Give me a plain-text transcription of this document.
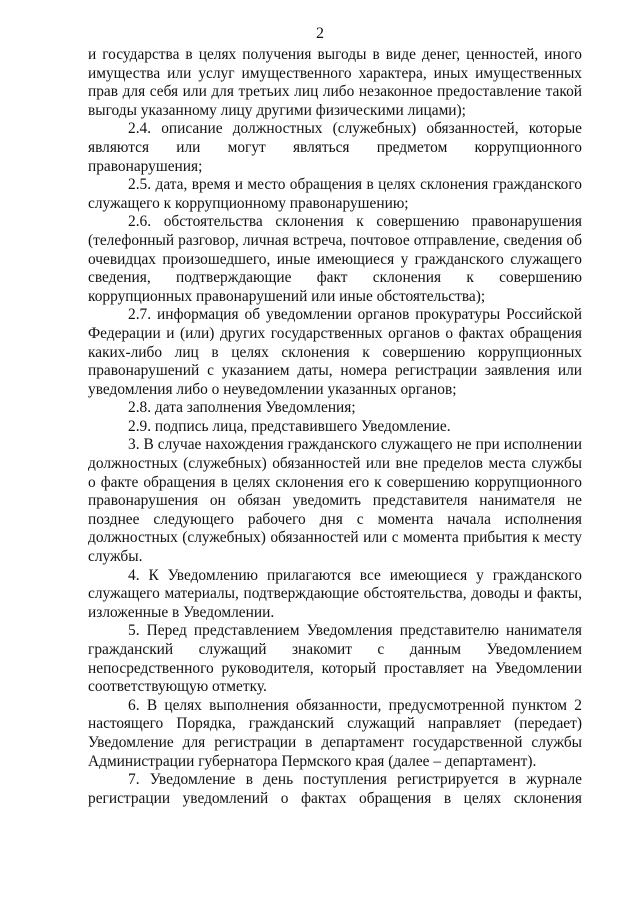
2

и государства в целях получения выгоды в виде денег, ценностей, иного имущества или услуг имущественного характера, иных имущественных прав для себя или для третьих лиц либо незаконное предоставление такой выгоды указанному лицу другими физическими лицами);

2.4. описание должностных (служебных) обязанностей, которые являются или могут являться предметом коррупционного правонарушения;

2.5. дата, время и место обращения в целях склонения гражданского служащего к коррупционному правонарушению;

2.6. обстоятельства склонения к совершению правонарушения (телефонный разговор, личная встреча, почтовое отправление, сведения об очевидцах произошедшего, иные имеющиеся у гражданского служащего сведения, подтверждающие факт склонения к совершению коррупционных правонарушений или иные обстоятельства);

2.7. информация об уведомлении органов прокуратуры Российской Федерации и (или) других государственных органов о фактах обращения каких-либо лиц в целях склонения к совершению коррупционных правонарушений с указанием даты, номера регистрации заявления или уведомления либо о неуведомлении указанных органов;

2.8. дата заполнения Уведомления;

2.9. подпись лица, представившего Уведомление.

3. В случае нахождения гражданского служащего не при исполнении должностных (служебных) обязанностей или вне пределов места службы о факте обращения в целях склонения его к совершению коррупционного правонарушения он обязан уведомить представителя нанимателя не позднее следующего рабочего дня с момента начала исполнения должностных (служебных) обязанностей или с момента прибытия к месту службы.

4. К Уведомлению прилагаются все имеющиеся у гражданского служащего материалы, подтверждающие обстоятельства, доводы и факты, изложенные в Уведомлении.

5. Перед представлением Уведомления представителю нанимателя гражданский служащий знакомит с данным Уведомлением непосредственного руководителя, который проставляет на Уведомлении соответствующую отметку.

6. В целях выполнения обязанности, предусмотренной пунктом 2 настоящего Порядка, гражданский служащий направляет (передает) Уведомление для регистрации в департамент государственной службы Администрации губернатора Пермского края (далее – департамент).

7. Уведомление в день поступления регистрируется в журнале регистрации уведомлений о фактах обращения в целях склонения
